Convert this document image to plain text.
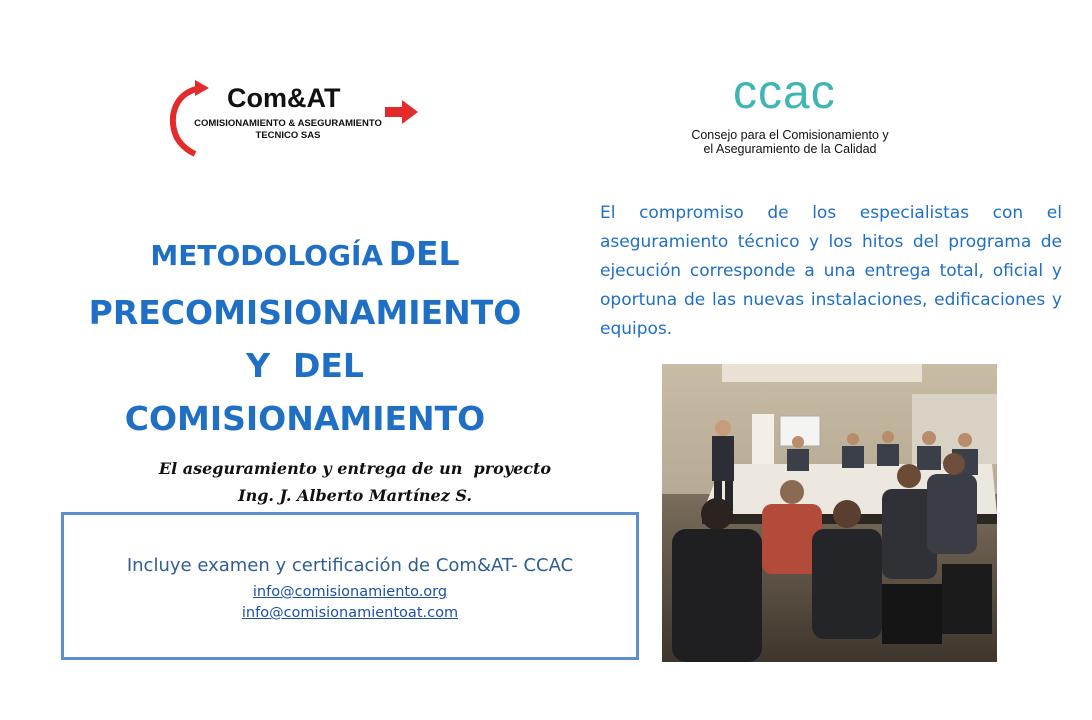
Com&AT
COMISIONAMIENTO & ASEGURAMIENTO
TECNICO SAS
ccac
Consejo para el Comisionamiento y
el Aseguramiento de la Calidad
METODOLOGÍA DEL
PRECOMISIONAMIENTO
Y  DEL
COMISIONAMIENTO
El aseguramiento y entrega de un  proyecto
Ing. J. Alberto Martínez S.
El compromiso de los especialistas con el aseguramiento técnico y los hitos del programa de ejecución corresponde a una entrega total, oficial y oportuna de las nuevas instalaciones, edificaciones y equipos.
Incluye examen y certificación de Com&AT- CCAC
info@comisionamiento.org
info@comisionamientoat.com
